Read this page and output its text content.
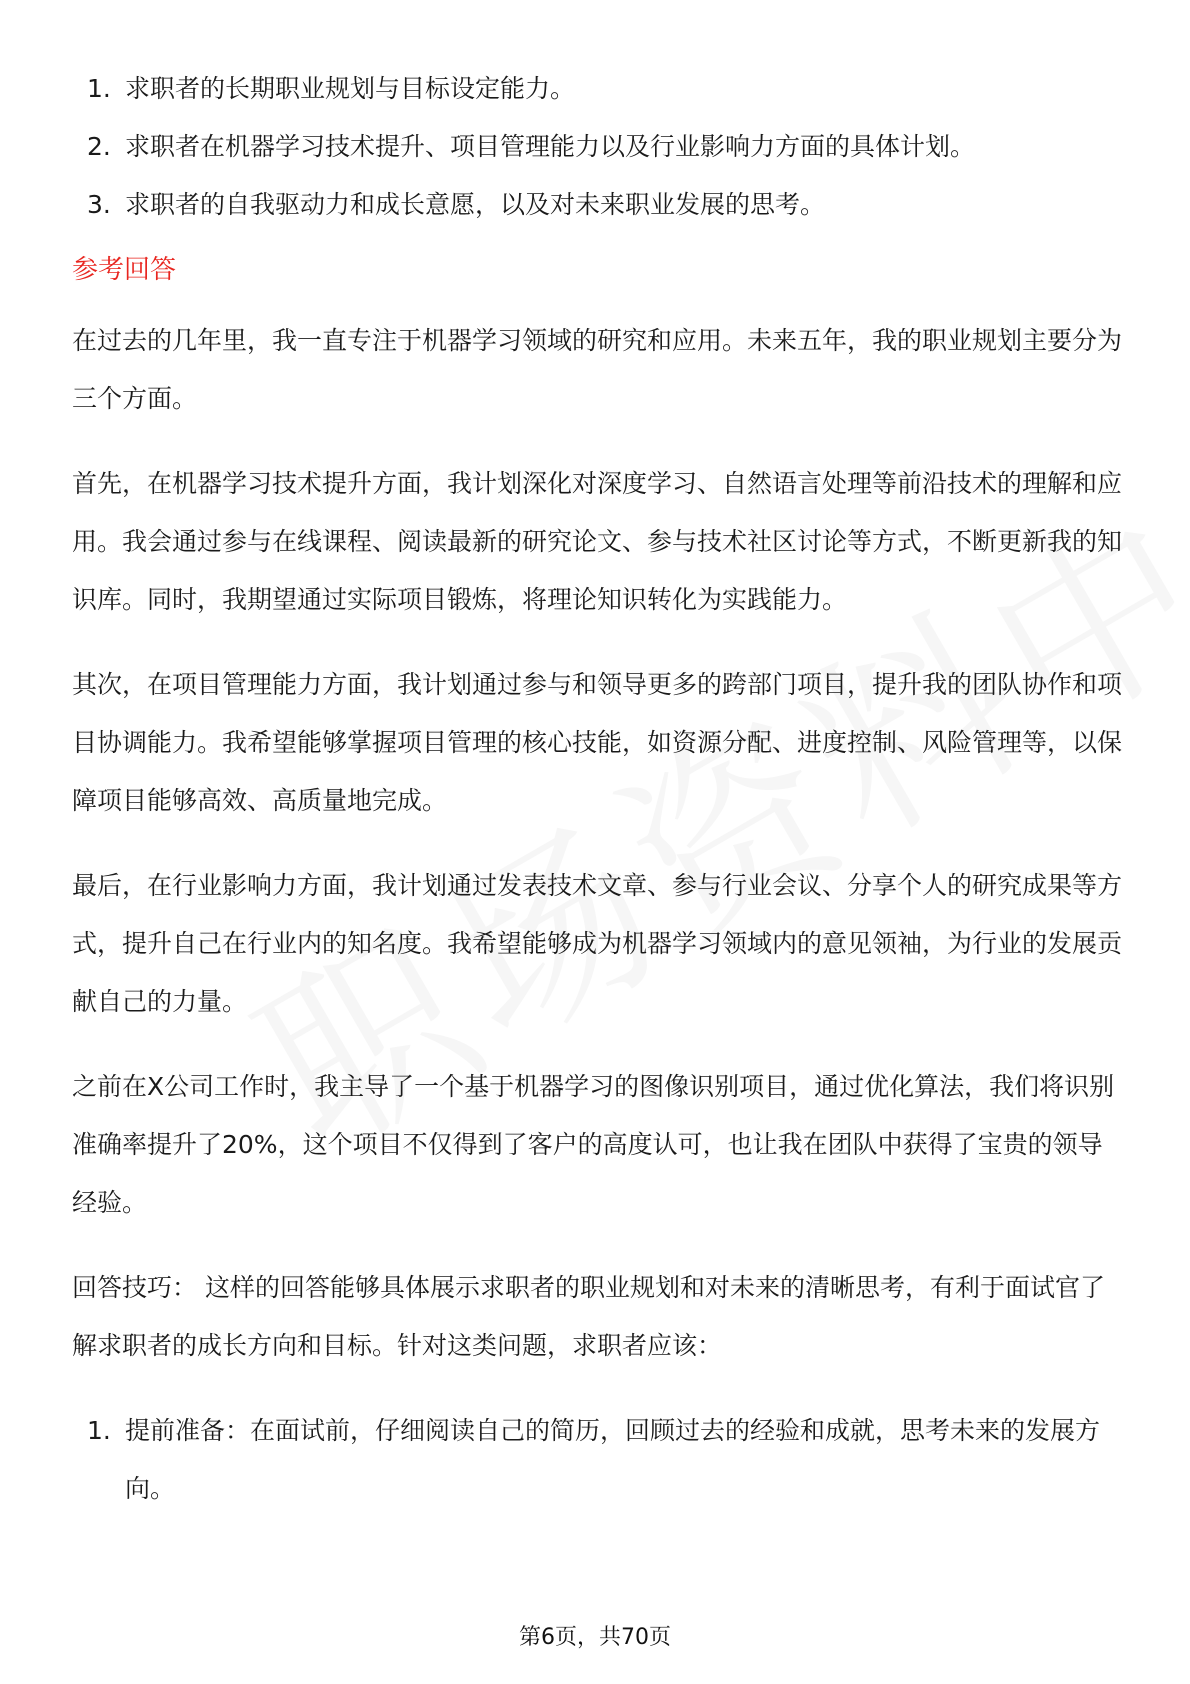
1. 求职者的长期职业规划与目标设定能力。
2. 求职者在机器学习技术提升、项目管理能力以及行业影响力方面的具体计划。
3. 求职者的自我驱动力和成长意愿，以及对未来职业发展的思考。
参考回答

在过去的几年里，我一直专注于机器学习领域的研究和应用。未来五年，我的职业规划主要分为三个方面。

首先，在机器学习技术提升方面，我计划深化对深度学习、自然语言处理等前沿技术的理解和应用。我会通过参与在线课程、阅读最新的研究论文、参与技术社区讨论等方式，不断更新我的知识库。同时，我期望通过实际项目锻炼，将理论知识转化为实践能力。

其次，在项目管理能力方面，我计划通过参与和领导更多的跨部门项目，提升我的团队协作和项目协调能力。我希望能够掌握项目管理的核心技能，如资源分配、进度控制、风险管理等，以保障项目能够高效、高质量地完成。

最后，在行业影响力方面，我计划通过发表技术文章、参与行业会议、分享个人的研究成果等方式，提升自己在行业内的知名度。我希望能够成为机器学习领域内的意见领袖，为行业的发展贡献自己的力量。

之前在X公司工作时，我主导了一个基于机器学习的图像识别项目，通过优化算法，我们将识别准确率提升了20%，这个项目不仅得到了客户的高度认可，也让我在团队中获得了宝贵的领导经验。

回答技巧： 这样的回答能够具体展示求职者的职业规划和对未来的清晰思考，有利于面试官了解求职者的成长方向和目标。针对这类问题，求职者应该：

1. 提前准备：在面试前，仔细阅读自己的简历，回顾过去的经验和成就，思考未来的发展方向。
第6页，共70页
